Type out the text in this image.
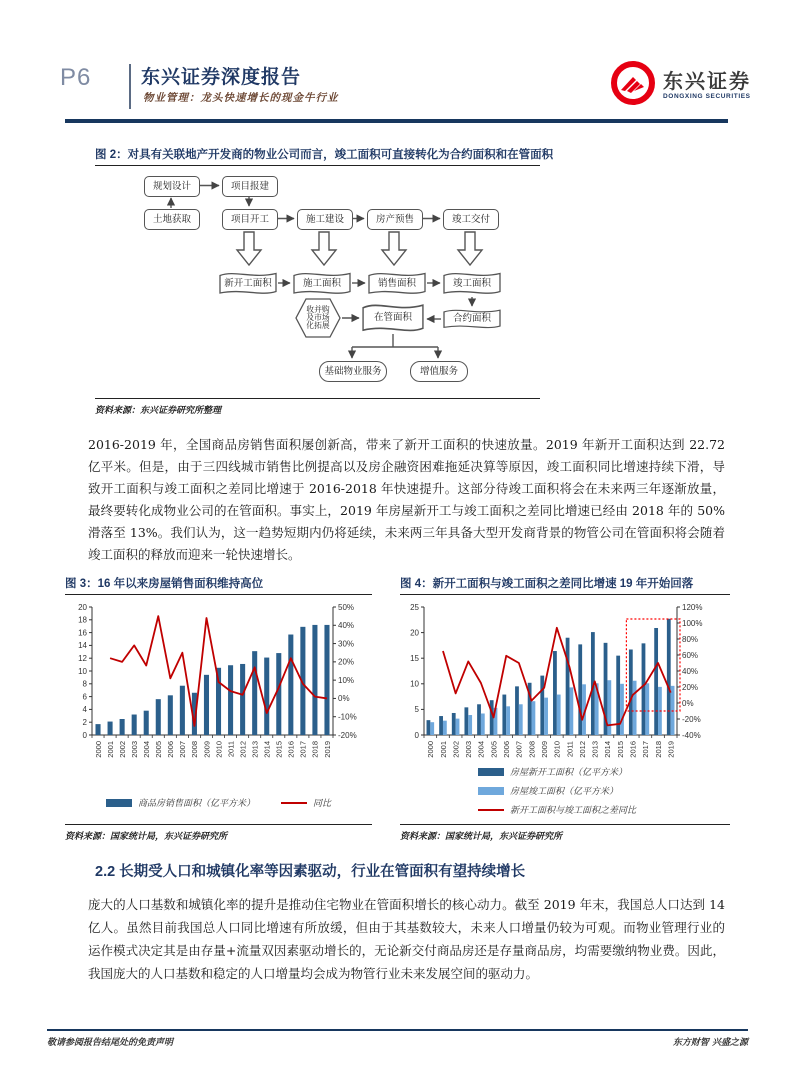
P6	东兴证券深度报告
物业管理：龙头快速增长的现金牛行业
东兴证券
DONGXING SECURITIES
图 2：对具有关联地产开发商的物业公司而言，竣工面积可直接转化为合约面积和在管面积
规划设计	项目报建
土地获取	项目开工	施工建设	房产预售	竣工交付
新开工面积	施工面积	销售面积	竣工面积
合约面积
在管面积
收并购
及市场
化拓展
基础物业服务	增值服务
资料来源：东兴证券研究所整理
2016-2019 年，全国商品房销售面积屡创新高，带来了新开工面积的快速放量。2019 年新开工面积达到 22.72 亿平米。但是，由于三四线城市销售比例提高以及房企融资困难拖延决算等原因，竣工面积同比增速持续下滑，导致开工面积与竣工面积之差同比增速于 2016-2018 年快速提升。这部分待竣工面积将会在未来两三年逐渐放量，最终要转化成物业公司的在管面积。事实上，2019 年房屋新开工与竣工面积之差同比增速已经由 2018 年的 50%滑落至 13%。我们认为，这一趋势短期内仍将延续，未来两三年具备大型开发商背景的物管公司在管面积将会随着竣工面积的释放而迎来一轮快速增长。
图 3：16 年以来房屋销售面积维持高位
0
2
4
6
8
10
12
14
16
18
20
-20%
-10%
0%
10%
20%
30%
40%
50%
2000 2001 2002 2003 2004 2005 2006 2007 2008 2009 2010 2011 2012 2013 2014 2015 2016 2017 2018 2019
商品房销售面积（亿平方米）	同比
资料来源：国家统计局，东兴证券研究所
图 4：新开工面积与竣工面积之差同比增速 19 年开始回落
0
5
10
15
20
25
-40%
-20%
0%
20%
40%
60%
80%
100%
120%
2000 2001 2002 2003 2004 2005 2006 2007 2008 2009 2010 2011 2012 2013 2014 2015 2016 2017 2018 2019
房屋新开工面积（亿平方米）
房屋竣工面积（亿平方米）
新开工面积与竣工面积之差同比
资料来源：国家统计局，东兴证券研究所
2.2 长期受人口和城镇化率等因素驱动，行业在管面积有望持续增长
庞大的人口基数和城镇化率的提升是推动住宅物业在管面积增长的核心动力。截至 2019 年末，我国总人口达到 14 亿人。虽然目前我国总人口同比增速有所放缓，但由于其基数较大，未来人口增量仍较为可观。而物业管理行业的运作模式决定其是由存量+流量双因素驱动增长的，无论新交付商品房还是存量商品房，均需要缴纳物业费。因此，我国庞大的人口基数和稳定的人口增量均会成为物管行业未来发展空间的驱动力。
敬请参阅报告结尾处的免责声明	东方财智 兴盛之源
